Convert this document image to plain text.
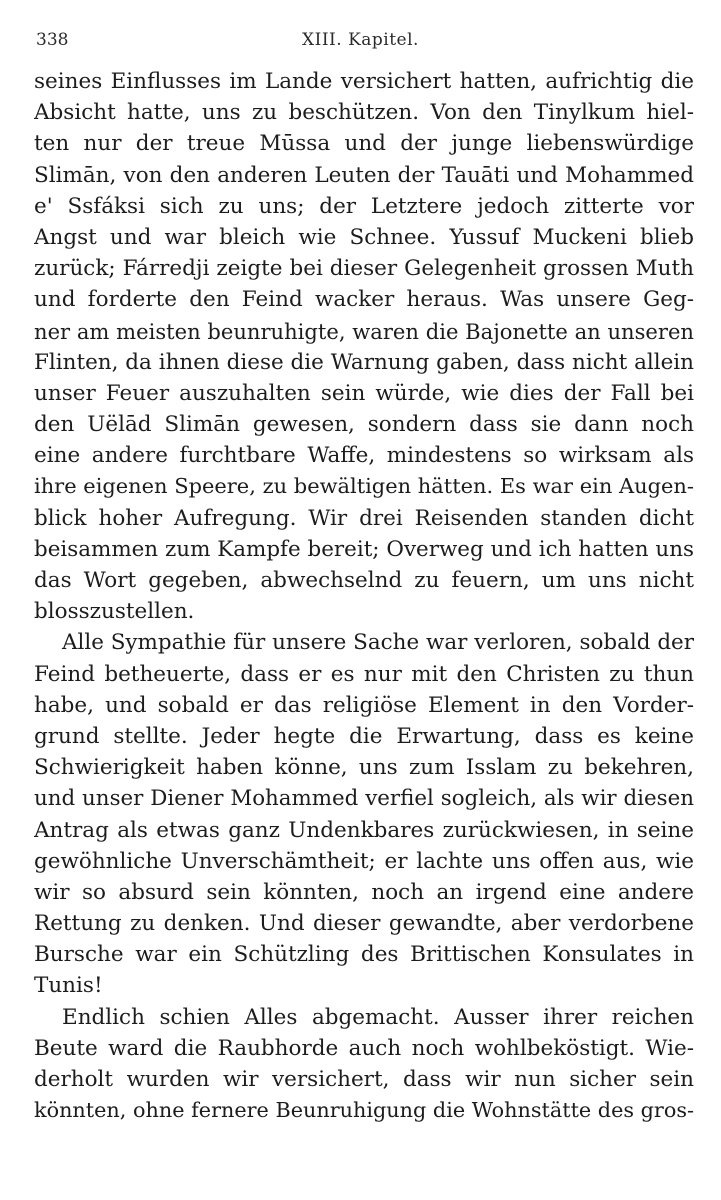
338	XIII. Kapitel.
seines Einflusses im Lande versichert hatten, aufrichtig die
Absicht hatte, uns zu beschützen. Von den Tinylkum hiel-
ten nur der treue Mūssa und der junge liebenswürdige
Slimān, von den anderen Leuten der Tauāti und Mohammed
e' Ssfáksi sich zu uns; der Letztere jedoch zitterte vor
Angst und war bleich wie Schnee. Yussuf Muckeni blieb
zurück; Fárredji zeigte bei dieser Gelegenheit grossen Muth
und forderte den Feind wacker heraus. Was unsere Geg-
ner am meisten beunruhigte, waren die Bajonette an unseren
Flinten, da ihnen diese die Warnung gaben, dass nicht allein
unser Feuer auszuhalten sein würde, wie dies der Fall bei
den Uëlād Slimān gewesen, sondern dass sie dann noch
eine andere furchtbare Waffe, mindestens so wirksam als
ihre eigenen Speere, zu bewältigen hätten. Es war ein Augen-
blick hoher Aufregung. Wir drei Reisenden standen dicht
beisammen zum Kampfe bereit; Overweg und ich hatten uns
das Wort gegeben, abwechselnd zu feuern, um uns nicht
blosszustellen.
Alle Sympathie für unsere Sache war verloren, sobald der
Feind betheuerte, dass er es nur mit den Christen zu thun
habe, und sobald er das religiöse Element in den Vorder-
grund stellte. Jeder hegte die Erwartung, dass es keine
Schwierigkeit haben könne, uns zum Isslam zu bekehren,
und unser Diener Mohammed verfiel sogleich, als wir diesen
Antrag als etwas ganz Undenkbares zurückwiesen, in seine
gewöhnliche Unverschämtheit; er lachte uns offen aus, wie
wir so absurd sein könnten, noch an irgend eine andere
Rettung zu denken. Und dieser gewandte, aber verdorbene
Bursche war ein Schützling des Brittischen Konsulates in
Tunis!
Endlich schien Alles abgemacht. Ausser ihrer reichen
Beute ward die Raubhorde auch noch wohlbeköstigt. Wie-
derholt wurden wir versichert, dass wir nun sicher sein
könnten, ohne fernere Beunruhigung die Wohnstätte des gros-
